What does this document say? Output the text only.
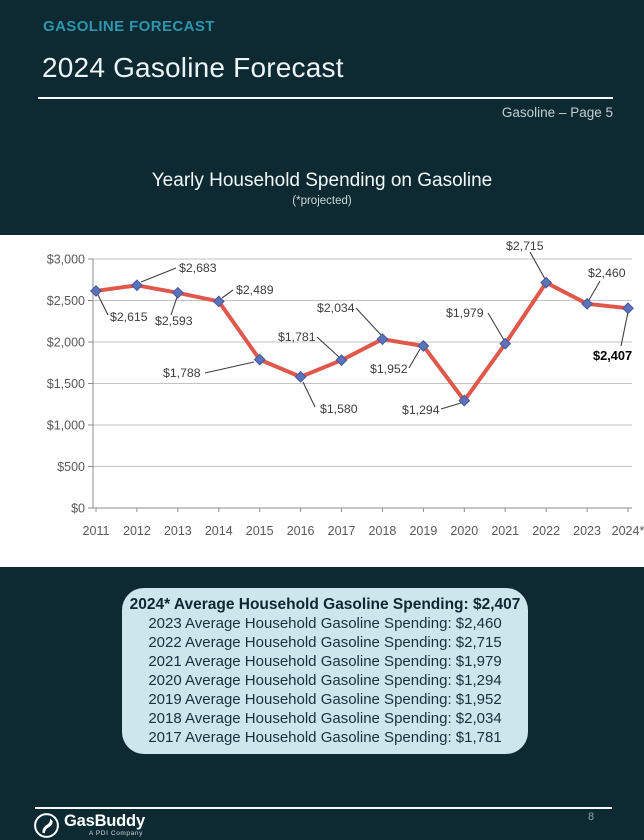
GASOLINE FORECAST
2024 Gasoline Forecast
Gasoline – Page 5
Yearly Household Spending on Gasoline
(*projected)
$0
$500
$1,000
$1,500
$2,000
$2,500
$3,000
2011 2012 2013 2014 2015 2016 2017 2018 2019 2020 2021 2022 2023 2024*
$2,615
$2,683
$2,593
$2,489
$1,788
$1,580
$1,781
$2,034
$1,952
$1,294
$1,979
$2,715
$2,460
$2,407
2024* Average Household Gasoline Spending: $2,407
2023 Average Household Gasoline Spending: $2,460
2022 Average Household Gasoline Spending: $2,715
2021 Average Household Gasoline Spending: $1,979
2020 Average Household Gasoline Spending: $1,294
2019 Average Household Gasoline Spending: $1,952
2018 Average Household Gasoline Spending: $2,034
2017 Average Household Gasoline Spending: $1,781
GasBuddy
A PDI Company
8
